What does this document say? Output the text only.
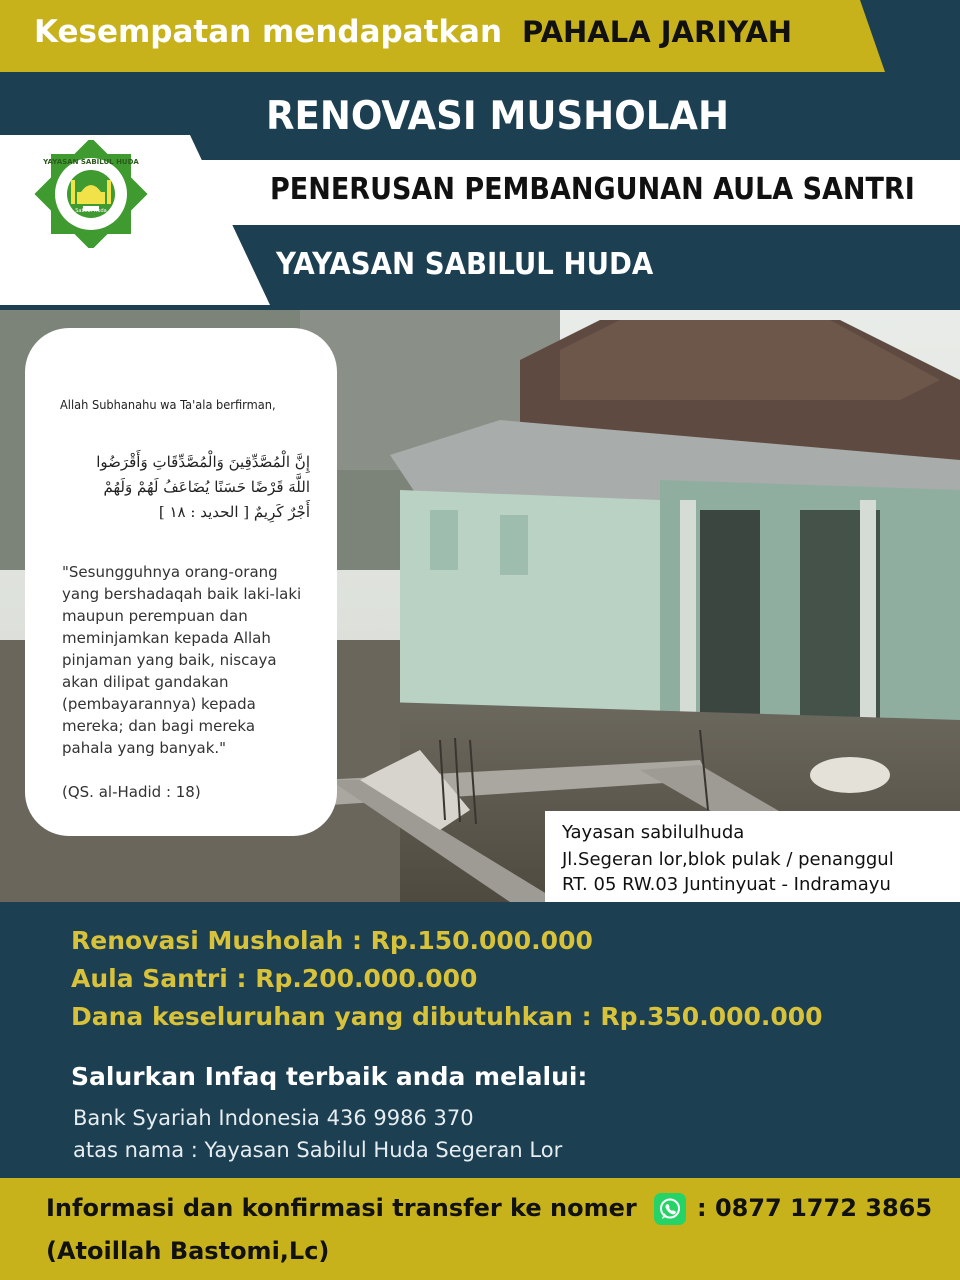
Kesempatan mendapatkan PAHALA JARIYAH
RENOVASI MUSHOLAH
PENERUSAN PEMBANGUNAN AULA SANTRI
YAYASAN SABILUL HUDA
YAYASAN SABILUL HUDA
Sabilul Huda
Allah Subhanahu wa Ta'ala berfirman,
إِنَّ الْمُصَّدِّقِينَ وَالْمُصَّدِّقَاتِ وَأَقْرَضُوا
اللَّهَ قَرْضًا حَسَنًا يُضَاعَفُ لَهُمْ وَلَهُمْ
أَجْرٌ كَرِيمٌ [ الحديد : ١٨ ]
"Sesungguhnya orang-orang yang bershadaqah baik laki-laki maupun perempuan dan meminjamkan kepada Allah pinjaman yang baik, niscaya akan dilipat gandakan (pembayarannya) kepada mereka; dan bagi mereka pahala yang banyak."
(QS. al-Hadid : 18)
Yayasan sabilulhuda
Jl.Segeran lor,blok pulak / penanggul
RT. 05 RW.03 Juntinyuat - Indramayu
Renovasi Musholah : Rp.150.000.000
Aula Santri : Rp.200.000.000
Dana keseluruhan yang dibutuhkan : Rp.350.000.000
Salurkan Infaq terbaik anda melalui:
Bank Syariah Indonesia 436 9986 370
atas nama : Yayasan Sabilul Huda Segeran Lor
Informasi dan konfirmasi transfer ke nomer	: 0877 1772 3865
(Atoillah Bastomi,Lc)
